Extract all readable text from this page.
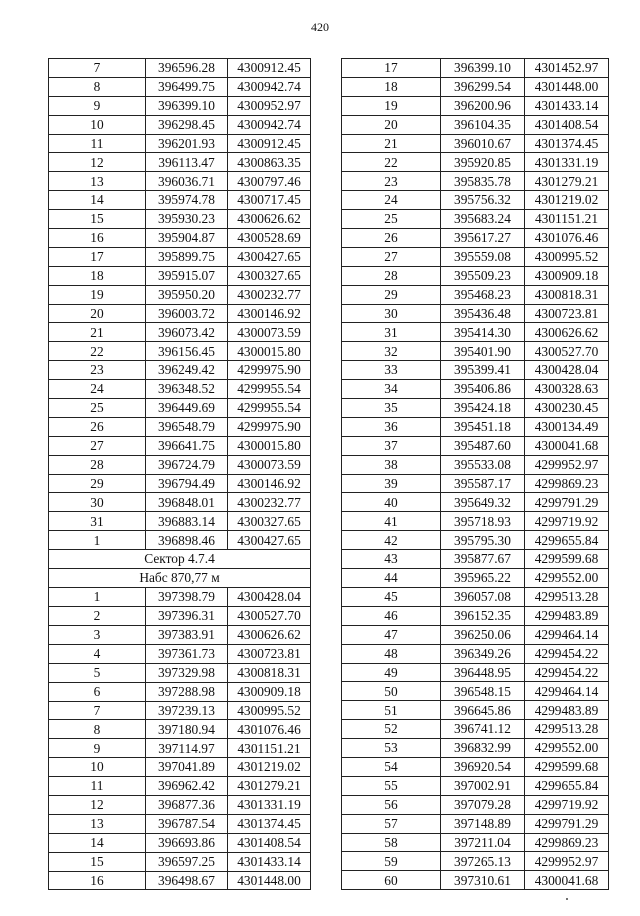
420
7	396596.28	4300912.45
8	396499.75	4300942.74
9	396399.10	4300952.97
10	396298.45	4300942.74
11	396201.93	4300912.45
12	396113.47	4300863.35
13	396036.71	4300797.46
14	395974.78	4300717.45
15	395930.23	4300626.62
16	395904.87	4300528.69
17	395899.75	4300427.65
18	395915.07	4300327.65
19	395950.20	4300232.77
20	396003.72	4300146.92
21	396073.42	4300073.59
22	396156.45	4300015.80
23	396249.42	4299975.90
24	396348.52	4299955.54
25	396449.69	4299955.54
26	396548.79	4299975.90
27	396641.75	4300015.80
28	396724.79	4300073.59
29	396794.49	4300146.92
30	396848.01	4300232.77
31	396883.14	4300327.65
1	396898.46	4300427.65
Сектор 4.7.4		
Набс 870,77 м		
1	397398.79	4300428.04
2	397396.31	4300527.70
3	397383.91	4300626.62
4	397361.73	4300723.81
5	397329.98	4300818.31
6	397288.98	4300909.18
7	397239.13	4300995.52
8	397180.94	4301076.46
9	397114.97	4301151.21
10	397041.89	4301219.02
11	396962.42	4301279.21
12	396877.36	4301331.19
13	396787.54	4301374.45
14	396693.86	4301408.54
15	396597.25	4301433.14
16	396498.67	4301448.00
17	396399.10	4301452.97
18	396299.54	4301448.00
19	396200.96	4301433.14
20	396104.35	4301408.54
21	396010.67	4301374.45
22	395920.85	4301331.19
23	395835.78	4301279.21
24	395756.32	4301219.02
25	395683.24	4301151.21
26	395617.27	4301076.46
27	395559.08	4300995.52
28	395509.23	4300909.18
29	395468.23	4300818.31
30	395436.48	4300723.81
31	395414.30	4300626.62
32	395401.90	4300527.70
33	395399.41	4300428.04
34	395406.86	4300328.63
35	395424.18	4300230.45
36	395451.18	4300134.49
37	395487.60	4300041.68
38	395533.08	4299952.97
39	395587.17	4299869.23
40	395649.32	4299791.29
41	395718.93	4299719.92
42	395795.30	4299655.84
43	395877.67	4299599.68
44	395965.22	4299552.00
45	396057.08	4299513.28
46	396152.35	4299483.89
47	396250.06	4299464.14
48	396349.26	4299454.22
49	396448.95	4299454.22
50	396548.15	4299464.14
51	396645.86	4299483.89
52	396741.12	4299513.28
53	396832.99	4299552.00
54	396920.54	4299599.68
55	397002.91	4299655.84
56	397079.28	4299719.92
57	397148.89	4299791.29
58	397211.04	4299869.23
59	397265.13	4299952.97
60	397310.61	4300041.68
